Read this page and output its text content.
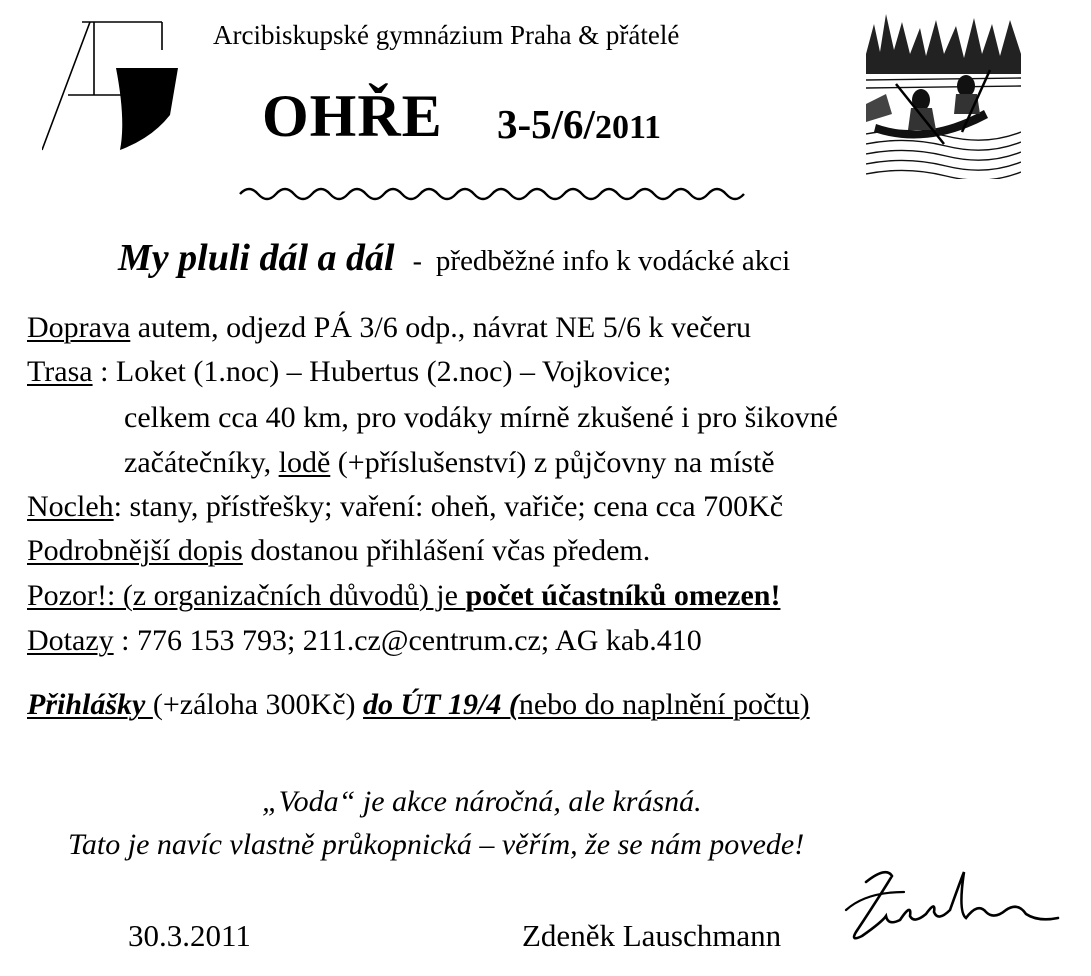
Arcibiskupské gymnázium Praha & přátelé
OHŘE 3-5/6/2011
My pluli dál a dál - předběžné info k vodácké akci
Doprava autem, odjezd PÁ 3/6 odp., návrat NE 5/6 k večeru
Trasa : Loket (1.noc) – Hubertus (2.noc) – Vojkovice;
celkem cca 40 km, pro vodáky mírně zkušené i pro šikovné
začátečníky, lodě (+příslušenství) z půjčovny na místě
Nocleh: stany, přístřešky; vaření: oheň, vařiče; cena cca 700Kč
Podrobnější dopis dostanou přihlášení včas předem.
Pozor!: (z organizačních důvodů) je počet účastníků omezen!
Dotazy : 776 153 793; 211.cz@centrum.cz; AG kab.410
Přihlášky (+záloha 300Kč) do ÚT 19/4 (nebo do naplnění počtu)
„Voda“ je akce náročná, ale krásná.
Tato je navíc vlastně průkopnická – věřím, že se nám povede!
30.3.2011	Zdeněk Lauschmann
